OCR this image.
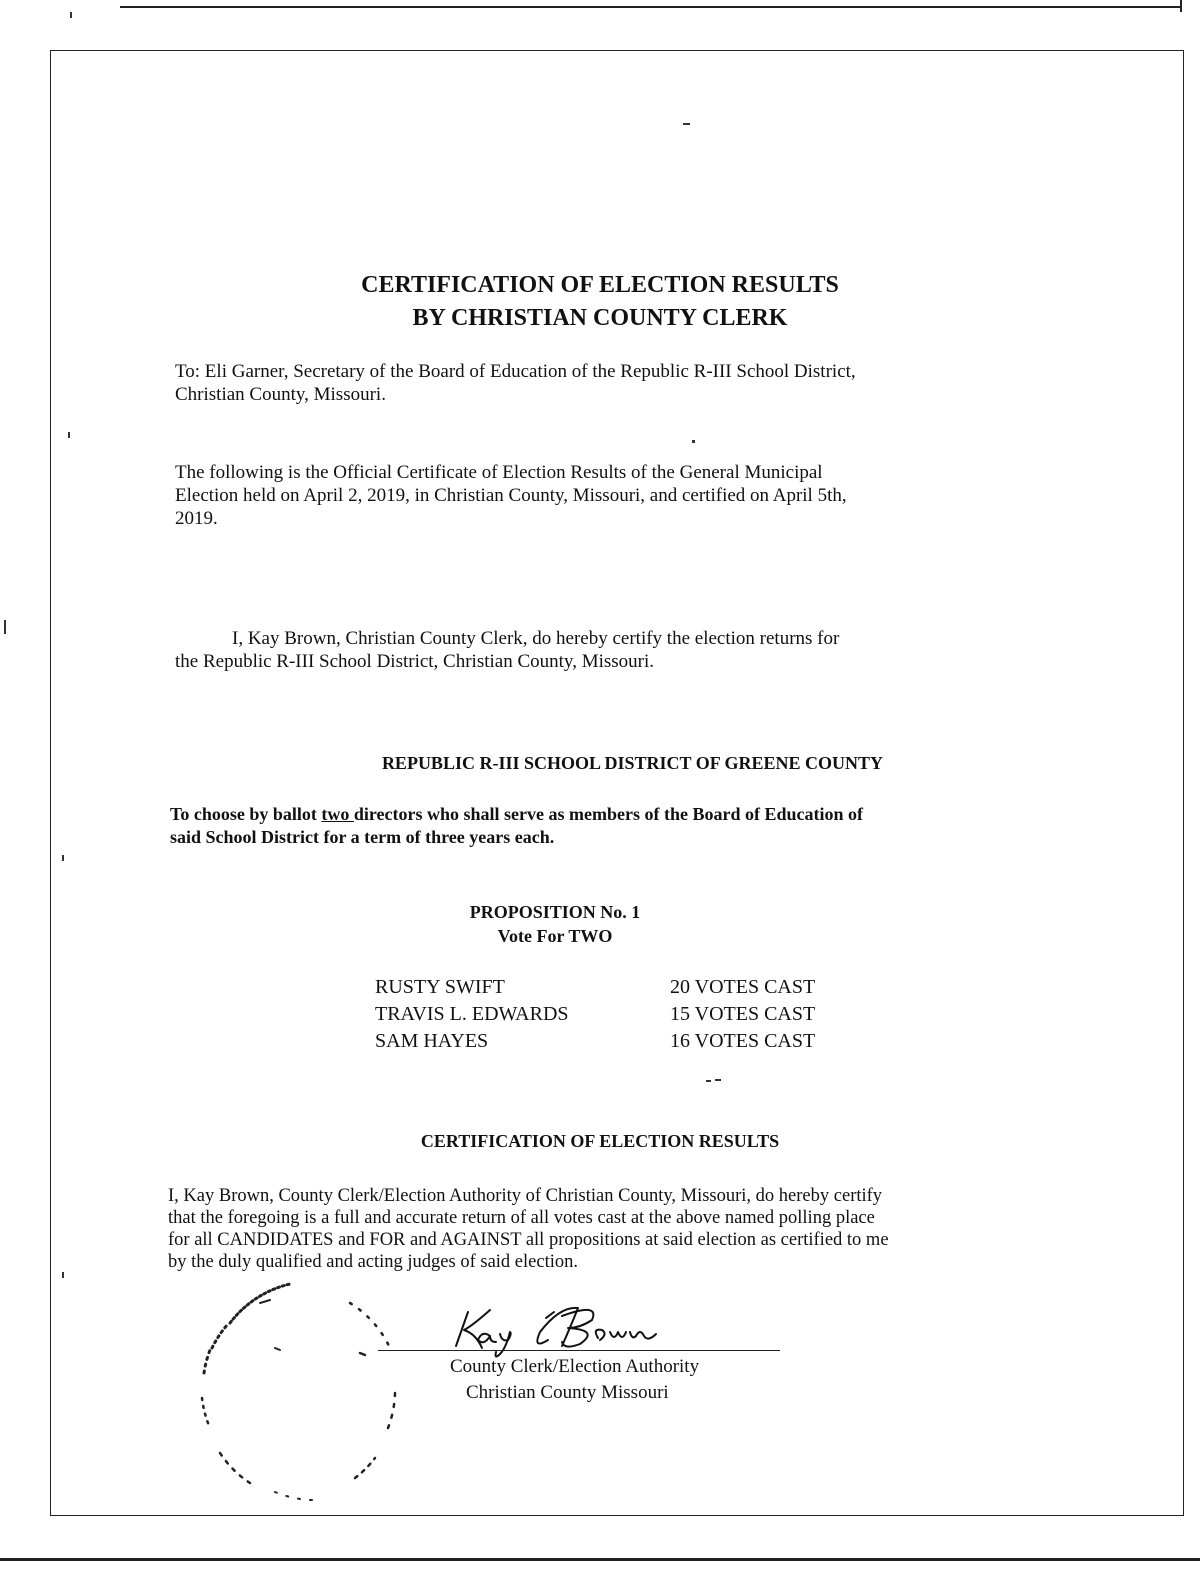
CERTIFICATION OF ELECTION RESULTS
BY CHRISTIAN COUNTY CLERK

To: Eli Garner, Secretary of the Board of Education of the Republic R-III School District,
Christian County, Missouri.

The following is the Official Certificate of Election Results of the General Municipal
Election held on April 2, 2019, in Christian County, Missouri, and certified on April 5th,
2019.

I, Kay Brown, Christian County Clerk, do hereby certify the election returns for
the Republic R-III School District, Christian County, Missouri.

REPUBLIC R-III SCHOOL DISTRICT OF GREENE COUNTY

To choose by ballot two directors who shall serve as members of the Board of Education of
said School District for a term of three years each.

PROPOSITION No. 1
Vote For TWO
RUSTY SWIFT	20 VOTES CAST
TRAVIS L. EDWARDS	15 VOTES CAST
SAM HAYES	16 VOTES CAST
CERTIFICATION OF ELECTION RESULTS

I, Kay Brown, County Clerk/Election Authority of Christian County, Missouri, do hereby certify
that the foregoing is a full and accurate return of all votes cast at the above named polling place
for all CANDIDATES and FOR and AGAINST all propositions at said election as certified to me
by the duly qualified and acting judges of said election.

County Clerk/Election Authority
Christian County Missouri
